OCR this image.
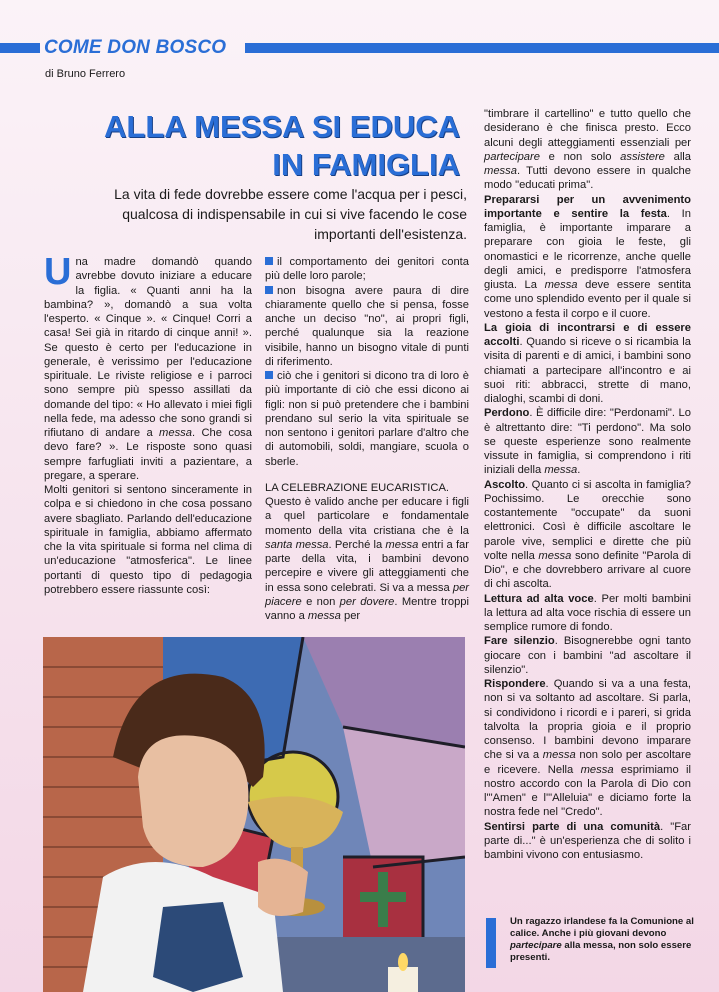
COME DON BOSCO
di Bruno Ferrero
ALLA MESSA SI EDUCA
IN FAMIGLIA
La vita di fede dovrebbe essere come l'acqua per i pesci, qualcosa di indispensabile in cui si vive facendo le cose importanti dell'esistenza.

Una madre domandò quando avrebbe dovuto iniziare a educare la figlia. « Quanti anni ha la bambina? », domandò a sua volta l'esperto. « Cinque ». « Cinque! Corri a casa! Sei già in ritardo di cinque anni! ». Se questo è certo per l'educazione in generale, è verissimo per l'educazione spirituale. Le riviste religiose e i parroci sono sempre più spesso assillati da domande del tipo: « Ho allevato i miei figli nella fede, ma adesso che sono grandi si rifiutano di andare a messa. Che cosa devo fare? ». Le risposte sono quasi sempre farfugliati inviti a pazientare, a pregare, a sperare.

Molti genitori si sentono sinceramente in colpa e si chiedono in che cosa possano avere sbagliato. Parlando dell'educazione spirituale in famiglia, abbiamo affermato che la vita spirituale si forma nel clima di un'educazione "atmosferica". Le linee portanti di questo tipo di pedagogia potrebbero essere riassunte così:

il comportamento dei genitori conta più delle loro parole;

non bisogna avere paura di dire chiaramente quello che si pensa, fosse anche un deciso "no", ai propri figli, perché qualunque sia la reazione visibile, hanno un bisogno vitale di punti di riferimento.

ciò che i genitori si dicono tra di loro è più importante di ciò che essi dicono ai figli: non si può pretendere che i bambini prendano sul serio la vita spirituale se non sentono i genitori parlare d'altro che di automobili, soldi, mangiare, scuola o sberle.

LA CELEBRAZIONE EUCARISTICA.

Questo è valido anche per educare i figli a quel particolare e fondamentale momento della vita cristiana che è la santa messa. Perché la messa entri a far parte della vita, i bambini devono percepire e vivere gli atteggiamenti che in essa sono celebrati. Si va a messa per piacere e non per dovere. Mentre troppi vanno a messa per

"timbrare il cartellino" e tutto quello che desiderano è che finisca presto. Ecco alcuni degli atteggiamenti essenziali per partecipare e non solo assistere alla messa. Tutti devono essere in qualche modo "educati prima".

Prepararsi per un avvenimento importante e sentire la festa. In famiglia, è importante imparare a preparare con gioia le feste, gli onomastici e le ricorrenze, anche quelle degli amici, e predisporre l'atmosfera giusta. La messa deve essere sentita come uno splendido evento per il quale si vestono a festa il corpo e il cuore.

La gioia di incontrarsi e di essere accolti. Quando si riceve o si ricambia la visita di parenti e di amici, i bambini sono chiamati a partecipare all'incontro e ai suoi riti: abbracci, strette di mano, dialoghi, scambi di doni.

Perdono. È difficile dire: "Perdonami". Lo è altrettanto dire: "Ti perdono". Ma solo se queste esperienze sono realmente vissute in famiglia, si comprendono i riti iniziali della messa.

Ascolto. Quanto ci si ascolta in famiglia? Pochissimo. Le orecchie sono costantemente "occupate" da suoni elettronici. Così è difficile ascoltare le parole vive, semplici e dirette che più volte nella messa sono definite "Parola di Dio", e che dovrebbero arrivare al cuore di chi ascolta.

Lettura ad alta voce. Per molti bambini la lettura ad alta voce rischia di essere un semplice rumore di fondo.

Fare silenzio. Bisognerebbe ogni tanto giocare con i bambini "ad ascoltare il silenzio".

Rispondere. Quando si va a una festa, non si va soltanto ad ascoltare. Si parla, si condividono i ricordi e i pareri, si grida talvolta la propria gioia e il proprio consenso. I bambini devono imparare che si va a messa non solo per ascoltare e ricevere. Nella messa esprimiamo il nostro accordo con la Parola di Dio con l'"Amen" e l'"Alleluia" e diciamo forte la nostra fede nel "Credo".

Sentirsi parte di una comunità. "Far parte di..." è un'esperienza che di solito i bambini vivono con entusiasmo.

Un ragazzo irlandese fa la Comunione al calice. Anche i più giovani devono partecipare alla messa, non solo essere presenti.
